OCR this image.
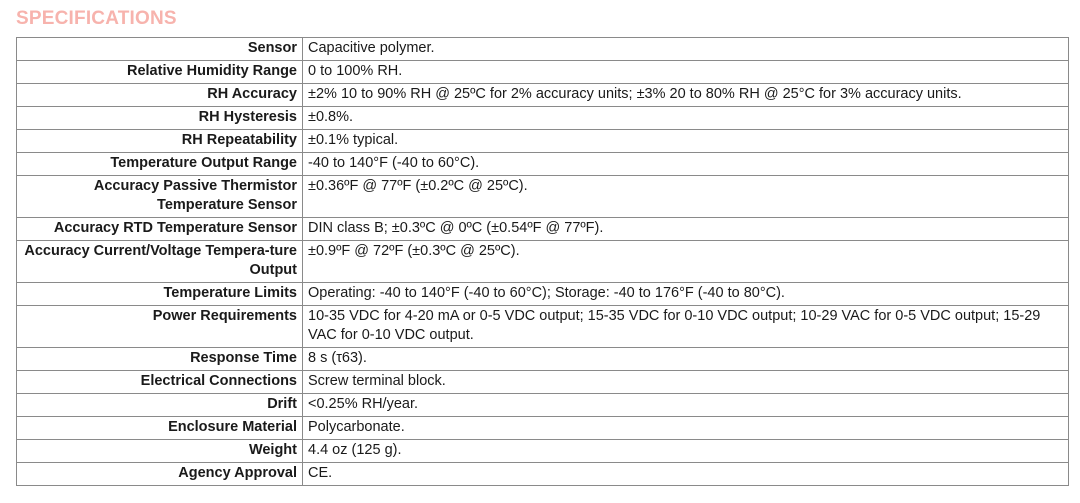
SPECIFICATIONS
Sensor	Capacitive polymer.
Relative Humidity Range	0 to 100% RH.
RH Accuracy	±2% 10 to 90% RH @ 25ºC for 2% accuracy units; ±3% 20 to 80% RH @ 25°C for 3% accuracy units.
RH Hysteresis	±0.8%.
RH Repeatability	±0.1% typical.
Temperature Output Range	-40 to 140°F (-40 to 60°C).
Accuracy Passive Thermistor Temperature Sensor	±0.36ºF @ 77ºF (±0.2ºC @ 25ºC).
Accuracy RTD Temperature Sensor	DIN class B; ±0.3ºC @ 0ºC (±0.54ºF @ 77ºF).
Accuracy Current/Voltage Tempera-ture Output	±0.9ºF @ 72ºF (±0.3ºC @ 25ºC).
Temperature Limits	Operating: -40 to 140°F (-40 to 60°C); Storage: -40 to 176°F (-40 to 80°C).
Power Requirements	10-35 VDC for 4-20 mA or 0-5 VDC output; 15-35 VDC for 0-10 VDC output; 10-29 VAC for 0-5 VDC output; 15-29 VAC for 0-10 VDC output.
Response Time	8 s (τ63).
Electrical Connections	Screw terminal block.
Drift	<0.25% RH/year.
Enclosure Material	Polycarbonate.
Weight	4.4 oz (125 g).
Agency Approval	CE.
